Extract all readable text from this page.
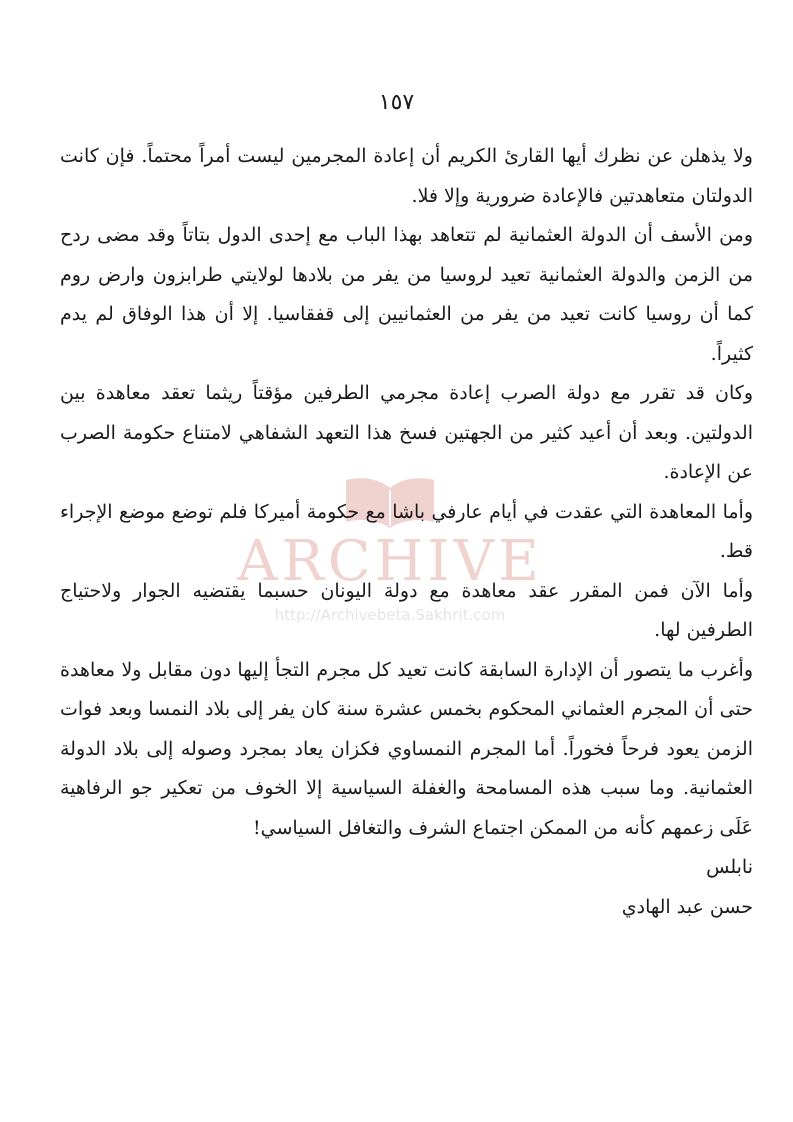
١٥٧
ARCHIVE
http://Archivebeta.Sakhrit.com

ولا يذهلن عن نظرك أيها القارئ الكريم أن إعادة المجرمين ليست أمراً محتماً. فإن كانت الدولتان متعاهدتين فالإعادة ضرورية وإلا فلا.

ومن الأسف أن الدولة العثمانية لم تتعاهد بهذا الباب مع إحدى الدول بتاتاً وقد مضى ردح من الزمن والدولة العثمانية تعيد لروسيا من يفر من بلادها لولايتي طرابزون وارض روم كما أن روسيا كانت تعيد من يفر من العثمانيين إلى قفقاسيا. إلا أن هذا الوفاق لم يدم كثيراً.

وكان قد تقرر مع دولة الصرب إعادة مجرمي الطرفين مؤقتاً ريثما تعقد معاهدة بين الدولتين. وبعد أن أعيد كثير من الجهتين فسخ هذا التعهد الشفاهي لامتناع حكومة الصرب عن الإعادة.

وأما المعاهدة التي عقدت في أيام عارفي باشا مع حكومة أميركا فلم توضع موضع الإجراء قط.

وأما الآن فمن المقرر عقد معاهدة مع دولة اليونان حسبما يقتضيه الجوار ولاحتياج الطرفين لها.

وأغرب ما يتصور أن الإدارة السابقة كانت تعيد كل مجرم التجأ إليها دون مقابل ولا معاهدة حتى أن المجرم العثماني المحكوم بخمس عشرة سنة كان يفر إلى بلاد النمسا وبعد فوات الزمن يعود فرحاً فخوراً. أما المجرم النمساوي فكزان يعاد بمجرد وصوله إلى بلاد الدولة العثمانية. وما سبب هذه المسامحة والغفلة السياسية إلا الخوف من تعكير جو الرفاهية عَلَى زعمهم كأنه من الممكن اجتماع الشرف والتغافل السياسي!

نابلس

حسن عبد الهادي
